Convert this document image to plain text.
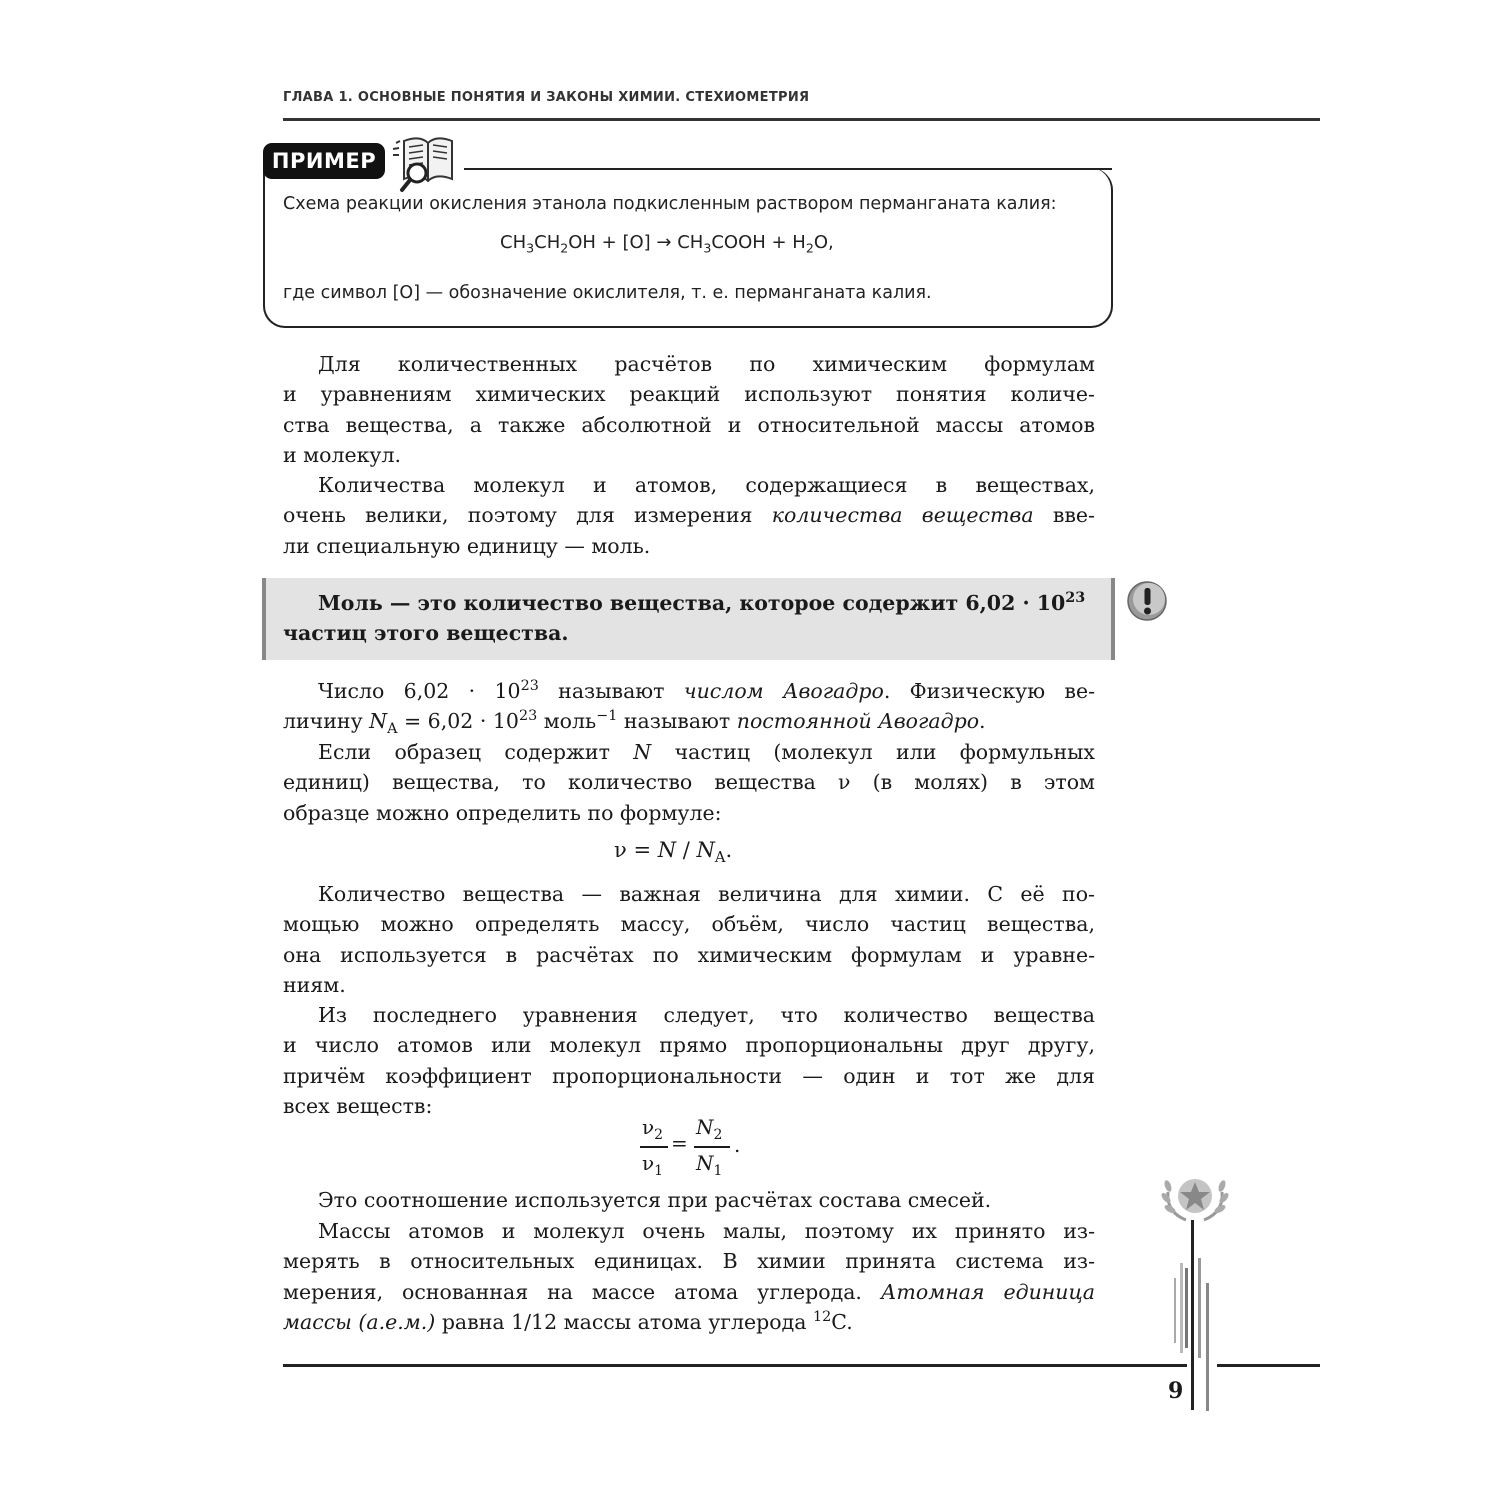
ГЛАВА 1. ОСНОВНЫЕ ПОНЯТИЯ И ЗАКОНЫ ХИМИИ. СТЕХИОМЕТРИЯ
ПРИМЕР
Схема реакции окисления этанола подкисленным раствором перманганата калия:
$CH_3CH_2OH + [O]$ → $CH_3COOH + H_2O$,
где символ [O] — обозначение окислителя, т. е. перманганата калия.
Для количественных расчётов по химическим формулам
и уравнениям химических реакций используют понятия количе-
ства вещества, а также абсолютной и относительной массы атомов
и молекул.
Количества молекул и атомов, содержащиеся в веществах,
очень велики, поэтому для измерения количества вещества вве-
ли специальную единицу — моль.
Моль — это количество вещества, которое содержит $6,02 \cdot 10^{23}$
частиц этого вещества.
Число $6,02 \cdot 10^{23}$ называют числом Авогадро. Физическую ве-
личину $N_A = 6,02 \cdot 10^{23}$ моль$^{-1}$ называют постоянной Авогадро.
Если образец содержит N частиц (молекул или формульных
единиц) вещества, то количество вещества ν (в молях) в этом
образце можно определить по формуле:
$\nu = N / N_A$.
Количество вещества — важная величина для химии. С её по-
мощью можно определять массу, объём, число частиц вещества,
она используется в расчётах по химическим формулам и уравне-
ниям.
Из последнего уравнения следует, что количество вещества
и число атомов или молекул прямо пропорциональны друг другу,
причём коэффициент пропорциональности — один и тот же для
всех веществ:
$\nu_2$
$\nu_1$
=
$N_2$
$N_1$
.
Это соотношение используется при расчётах состава смесей.
Массы атомов и молекул очень малы, поэтому их принято из-
мерять в относительных единицах. В химии принята система из-
мерения, основанная на массе атома углерода. Атомная единица
массы (а.е.м.) равна 1/12 массы атома углерода $^{12}$C.
9
